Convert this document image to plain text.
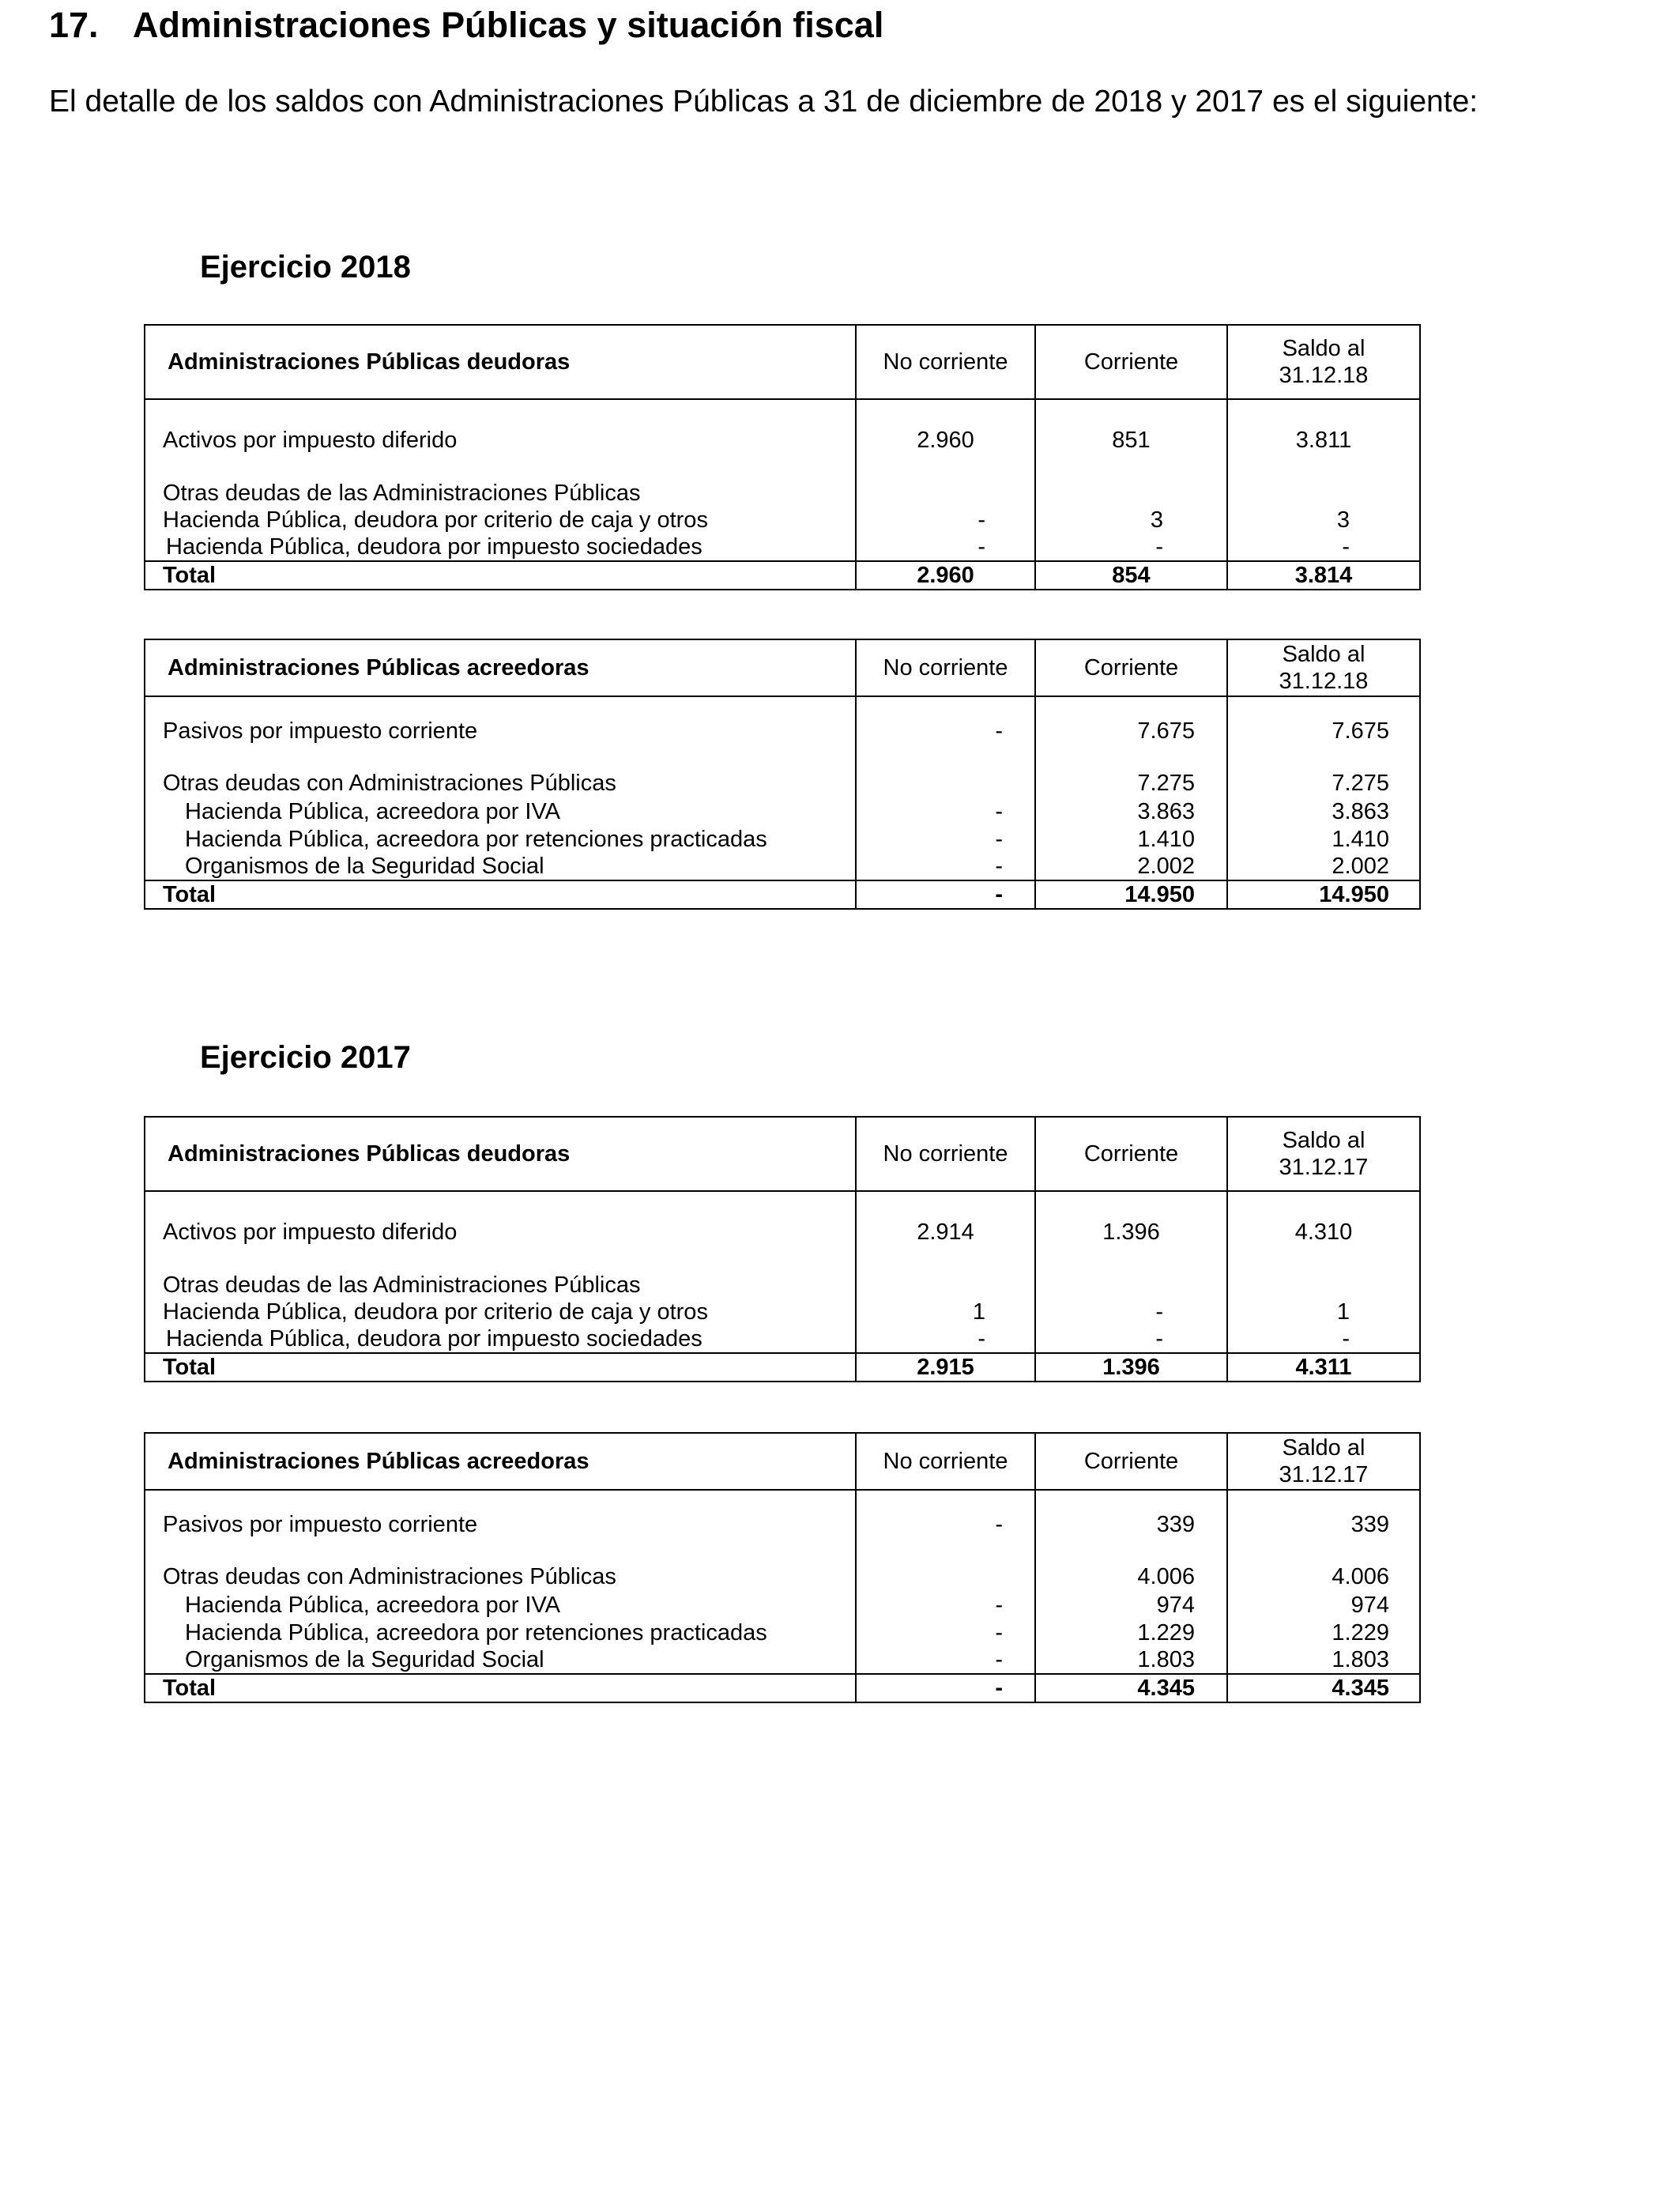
17. Administraciones Públicas y situación fiscal

El detalle de los saldos con Administraciones Públicas a 31 de diciembre de 2018 y 2017 es el siguiente:

Ejercicio 2018
Administraciones Públicas deudoras	No corriente	Corriente	Saldo al
31.12.18

Activos por impuesto diferido	2.960	851	3.811

Otras deudas de las Administraciones Públicas			
Hacienda Pública, deudora por criterio de caja y otros	-	3	3
Hacienda Pública, deudora por impuesto sociedades	-	-	-
Total	2.960	854	3.814
Administraciones Públicas acreedoras	No corriente	Corriente	Saldo al
31.12.18

Pasivos por impuesto corriente	-	7.675	7.675

Otras deudas con Administraciones Públicas		7.275	7.275
Hacienda Pública, acreedora por IVA	-	3.863	3.863
Hacienda Pública, acreedora por retenciones practicadas	-	1.410	1.410
Organismos de la Seguridad Social	-	2.002	2.002
Total	-	14.950	14.950
Ejercicio 2017
Administraciones Públicas deudoras	No corriente	Corriente	Saldo al
31.12.17

Activos por impuesto diferido	2.914	1.396	4.310

Otras deudas de las Administraciones Públicas			
Hacienda Pública, deudora por criterio de caja y otros	1	-	1
Hacienda Pública, deudora por impuesto sociedades	-	-	-
Total	2.915	1.396	4.311
Administraciones Públicas acreedoras	No corriente	Corriente	Saldo al
31.12.17

Pasivos por impuesto corriente	-	339	339

Otras deudas con Administraciones Públicas		4.006	4.006
Hacienda Pública, acreedora por IVA	-	974	974
Hacienda Pública, acreedora por retenciones practicadas	-	1.229	1.229
Organismos de la Seguridad Social	-	1.803	1.803
Total	-	4.345	4.345
